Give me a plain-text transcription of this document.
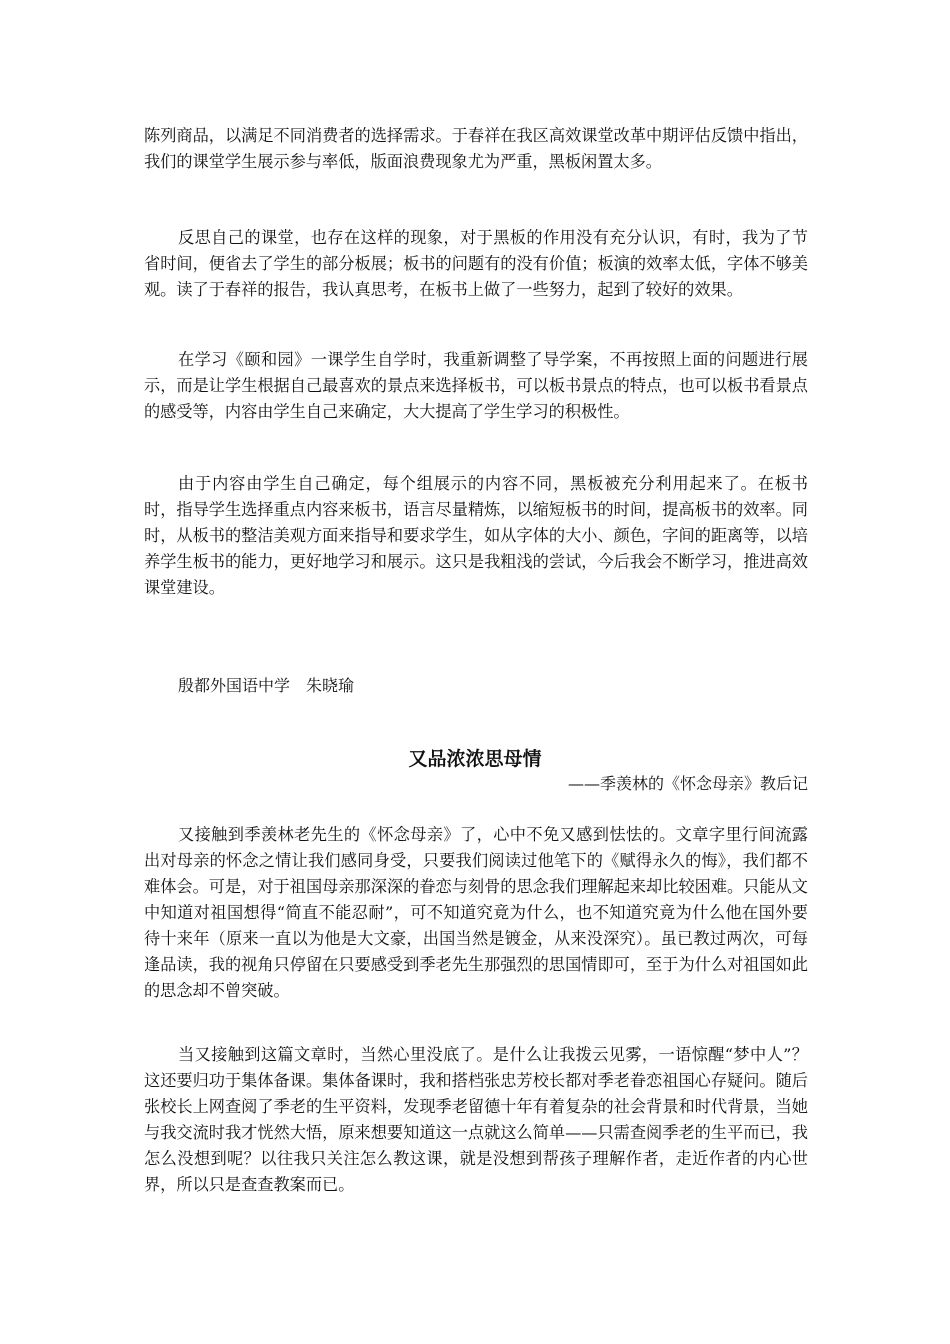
陈列商品，以满足不同消费者的选择需求。于春祥在我区高效课堂改革中期评估反馈中指出，我们的课堂学生展示参与率低，版面浪费现象尤为严重，黑板闲置太多。

反思自己的课堂，也存在这样的现象，对于黑板的作用没有充分认识，有时，我为了节省时间，便省去了学生的部分板展；板书的问题有的没有价值；板演的效率太低，字体不够美观。读了于春祥的报告，我认真思考，在板书上做了一些努力，起到了较好的效果。

在学习《颐和园》一课学生自学时，我重新调整了导学案，不再按照上面的问题进行展示，而是让学生根据自己最喜欢的景点来选择板书，可以板书景点的特点，也可以板书看景点的感受等，内容由学生自己来确定，大大提高了学生学习的积极性。

由于内容由学生自己确定，每个组展示的内容不同，黑板被充分利用起来了。在板书时，指导学生选择重点内容来板书，语言尽量精炼，以缩短板书的时间，提高板书的效率。同时，从板书的整洁美观方面来指导和要求学生，如从字体的大小、颜色，字间的距离等，以培养学生板书的能力，更好地学习和展示。这只是我粗浅的尝试，今后我会不断学习，推进高效课堂建设。

殷都外国语中学　朱晓瑜

又品浓浓思母情

——季羡林的《怀念母亲》教后记

又接触到季羡林老先生的《怀念母亲》了，心中不免又感到怯怯的。文章字里行间流露出对母亲的怀念之情让我们感同身受，只要我们阅读过他笔下的《赋得永久的悔》，我们都不难体会。可是，对于祖国母亲那深深的眷恋与刻骨的思念我们理解起来却比较困难。只能从文中知道对祖国想得“简直不能忍耐”，可不知道究竟为什么，也不知道究竟为什么他在国外要待十来年（原来一直以为他是大文豪，出国当然是镀金，从来没深究）。虽已教过两次，可每逢品读，我的视角只停留在只要感受到季老先生那强烈的思国情即可，至于为什么对祖国如此的思念却不曾突破。

当又接触到这篇文章时，当然心里没底了。是什么让我拨云见雾，一语惊醒“梦中人”？这还要归功于集体备课。集体备课时，我和搭档张忠芳校长都对季老眷恋祖国心存疑问。随后张校长上网查阅了季老的生平资料，发现季老留德十年有着复杂的社会背景和时代背景，当她与我交流时我才恍然大悟，原来想要知道这一点就这么简单——只需查阅季老的生平而已，我怎么没想到呢？以往我只关注怎么教这课，就是没想到帮孩子理解作者，走近作者的内心世界，所以只是查查教案而已。
